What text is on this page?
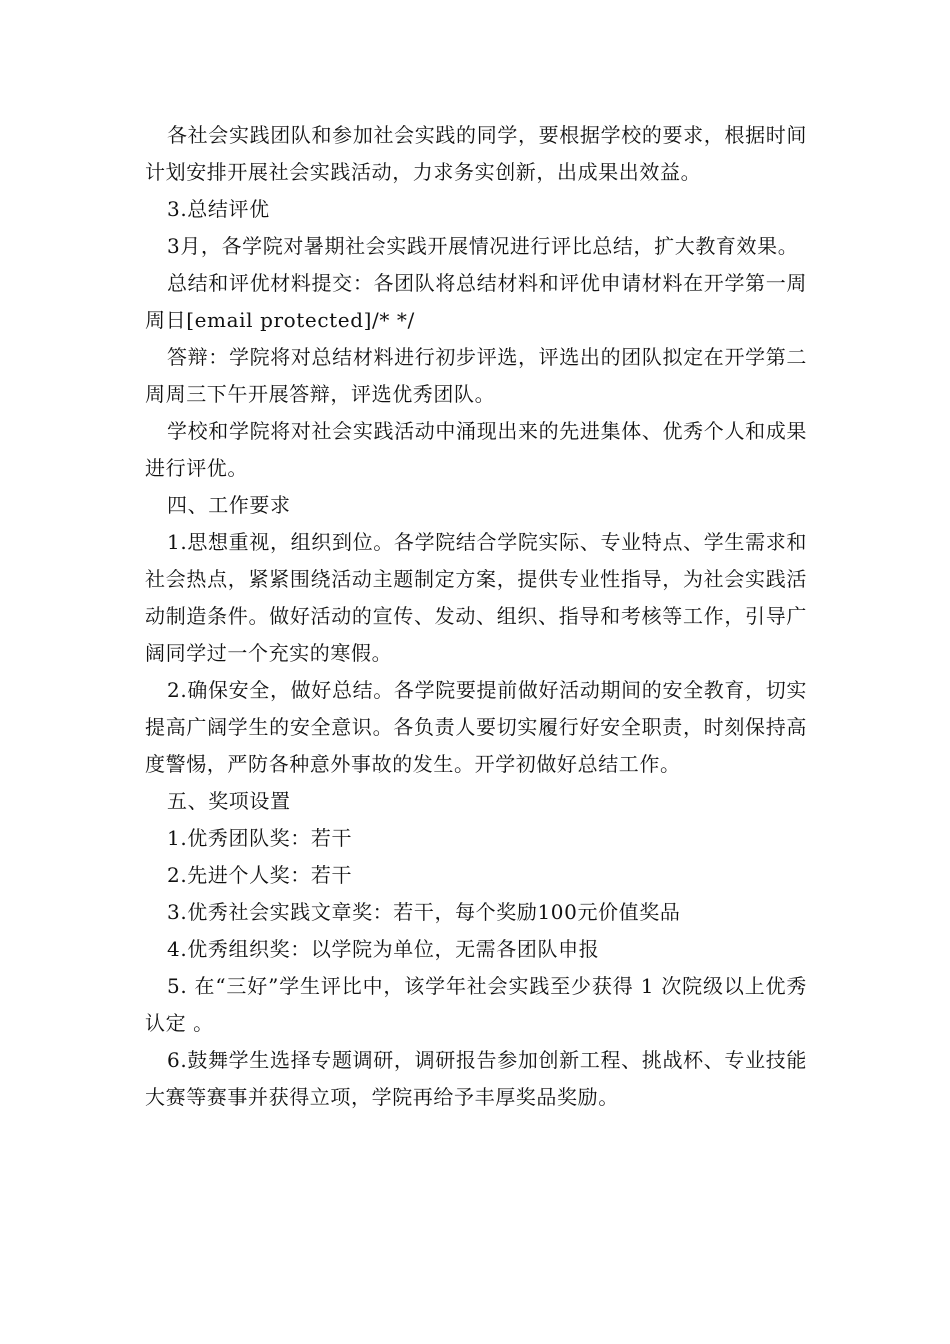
各社会实践团队和参加社会实践的同学，要根据学校的要求，根据时间计划安排开展社会实践活动，力求务实创新，出成果出效益。

3.总结评优

3月，各学院对暑期社会实践开展情况进行评比总结，扩大教育效果。

总结和评优材料提交：各团队将总结材料和评优申请材料在开学第一周周日[email protected]/* */

答辩：学院将对总结材料进行初步评选，评选出的团队拟定在开学第二周周三下午开展答辩，评选优秀团队。

学校和学院将对社会实践活动中涌现出来的先进集体、优秀个人和成果进行评优。

四、工作要求

1.思想重视，组织到位。各学院结合学院实际、专业特点、学生需求和社会热点，紧紧围绕活动主题制定方案，提供专业性指导，为社会实践活动制造条件。做好活动的宣传、发动、组织、指导和考核等工作，引导广阔同学过一个充实的寒假。

2.确保安全，做好总结。各学院要提前做好活动期间的安全教育，切实提高广阔学生的安全意识。各负责人要切实履行好安全职责，时刻保持高度警惕，严防各种意外事故的发生。开学初做好总结工作。

五、奖项设置

1.优秀团队奖：若干

2.先进个人奖：若干

3.优秀社会实践文章奖：若干，每个奖励100元价值奖品

4.优秀组织奖：以学院为单位，无需各团队申报

5. 在“三好”学生评比中，该学年社会实践至少获得 1 次院级以上优秀认定 。

6.鼓舞学生选择专题调研，调研报告参加创新工程、挑战杯、专业技能大赛等赛事并获得立项，学院再给予丰厚奖品奖励。
